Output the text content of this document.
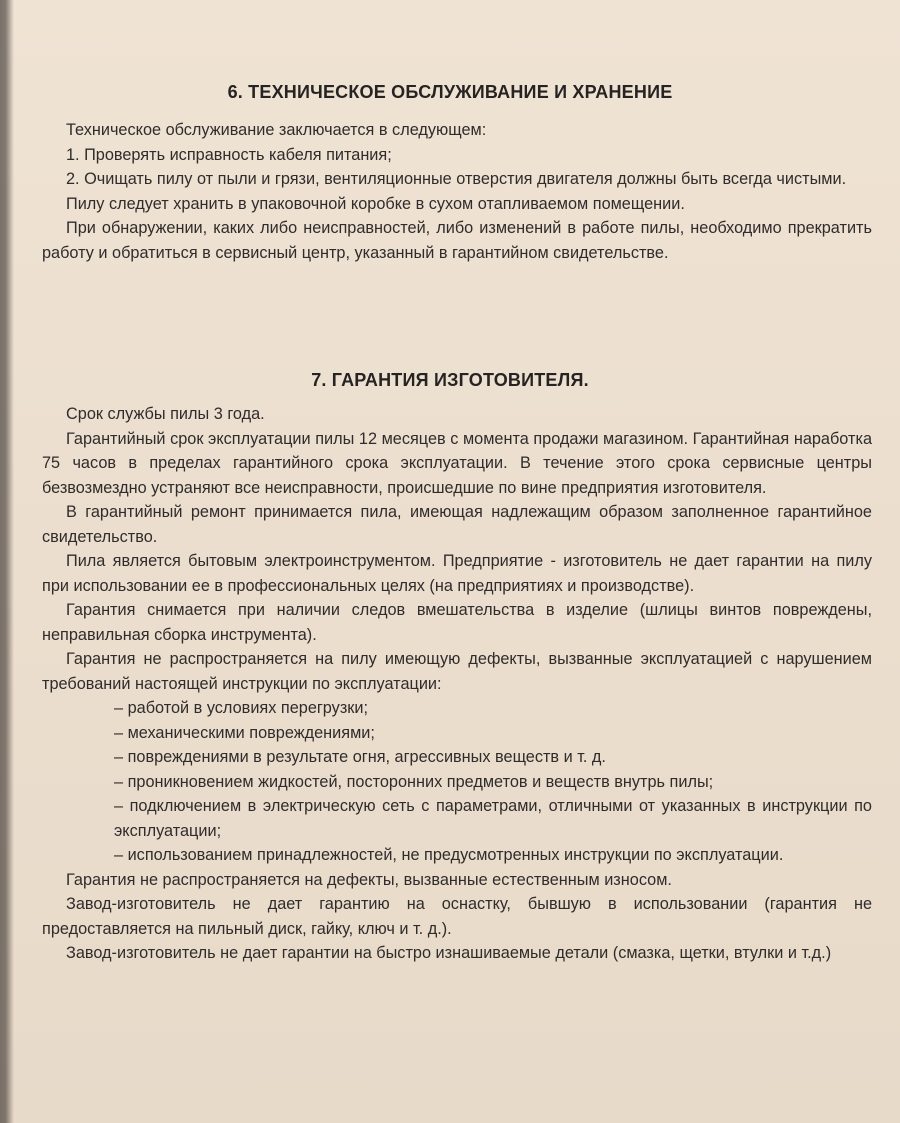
6. ТЕХНИЧЕСКОЕ ОБСЛУЖИВАНИЕ И ХРАНЕНИЕ

Техническое обслуживание заключается в следующем:

1. Проверять исправность кабеля питания;

2. Очищать пилу от пыли и грязи, вентиляционные отверстия двигателя должны быть всегда чистыми.

Пилу следует хранить в упаковочной коробке в сухом отапливаемом помещении.

При обнаружении, каких либо неисправностей, либо изменений в работе пилы, необходимо прекратить работу и обратиться в сервисный центр, указанный в гарантийном свидетельстве.

7. ГАРАНТИЯ ИЗГОТОВИТЕЛЯ.

Срок службы пилы 3 года.

Гарантийный срок эксплуатации пилы 12 месяцев с момента продажи магазином. Гарантийная наработка 75 часов в пределах гарантийного срока эксплуатации. В течение этого срока сервисные центры безвозмездно устраняют все неисправности, происшедшие по вине предприятия изготовителя.

В гарантийный ремонт принимается пила, имеющая надлежащим образом заполненное гарантийное свидетельство.

Пила является бытовым электроинструментом. Предприятие - изготовитель не дает гарантии на пилу при использовании ее в профессиональных целях (на предприятиях и производстве).

Гарантия снимается при наличии следов вмешательства в изделие (шлицы винтов повреждены, неправильная сборка инструмента).

Гарантия не распространяется на пилу имеющую дефекты, вызванные эксплуатацией с нарушением требований настоящей инструкции по эксплуатации:

– работой в условиях перегрузки;
– механическими повреждениями;
– повреждениями в результате огня, агрессивных веществ и т. д.
– проникновением жидкостей, посторонних предметов и веществ внутрь пилы;
– подключением в электрическую сеть с параметрами, отличными от указанных в инструкции по эксплуатации;
– использованием принадлежностей, не предусмотренных инструкции по эксплуатации.

Гарантия не распространяется на дефекты, вызванные естественным износом.

Завод-изготовитель не дает гарантию на оснастку, бывшую в использовании (гарантия не предоставляется на пильный диск, гайку, ключ и т. д.).

Завод-изготовитель не дает гарантии на быстро изнашиваемые детали (смазка, щетки, втулки и т.д.)
